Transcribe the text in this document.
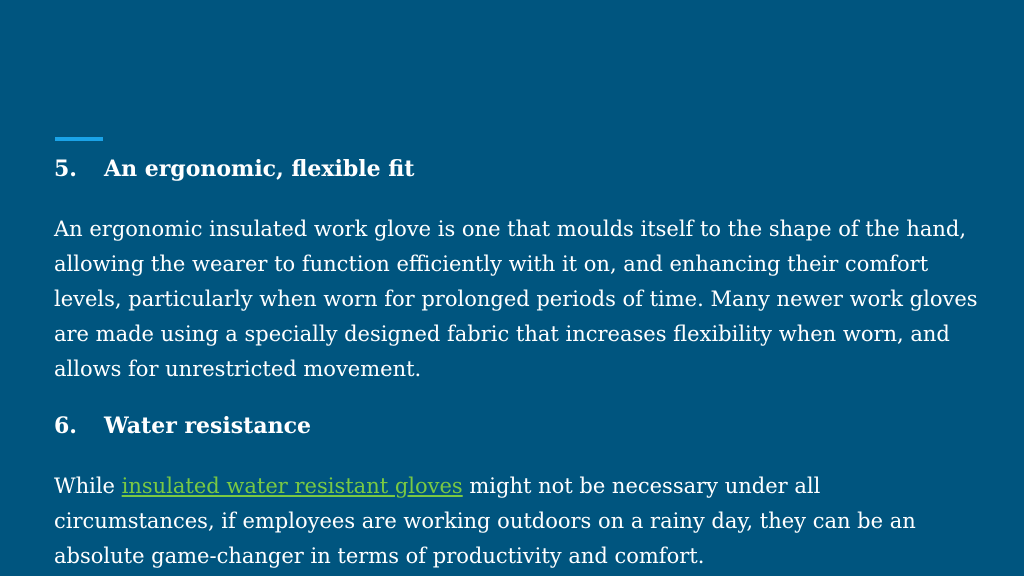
5.	An ergonomic, flexible fit

An ergonomic insulated work glove is one that moulds itself to the shape of the hand, allowing the wearer to function efficiently with it on, and enhancing their comfort levels, particularly when worn for prolonged periods of time. Many newer work gloves are made using a specially designed fabric that increases flexibility when worn, and allows for unrestricted movement.

6.	Water resistance

While insulated water resistant gloves might not be necessary under all circumstances, if employees are working outdoors on a rainy day, they can be an absolute game-changer in terms of productivity and comfort.
